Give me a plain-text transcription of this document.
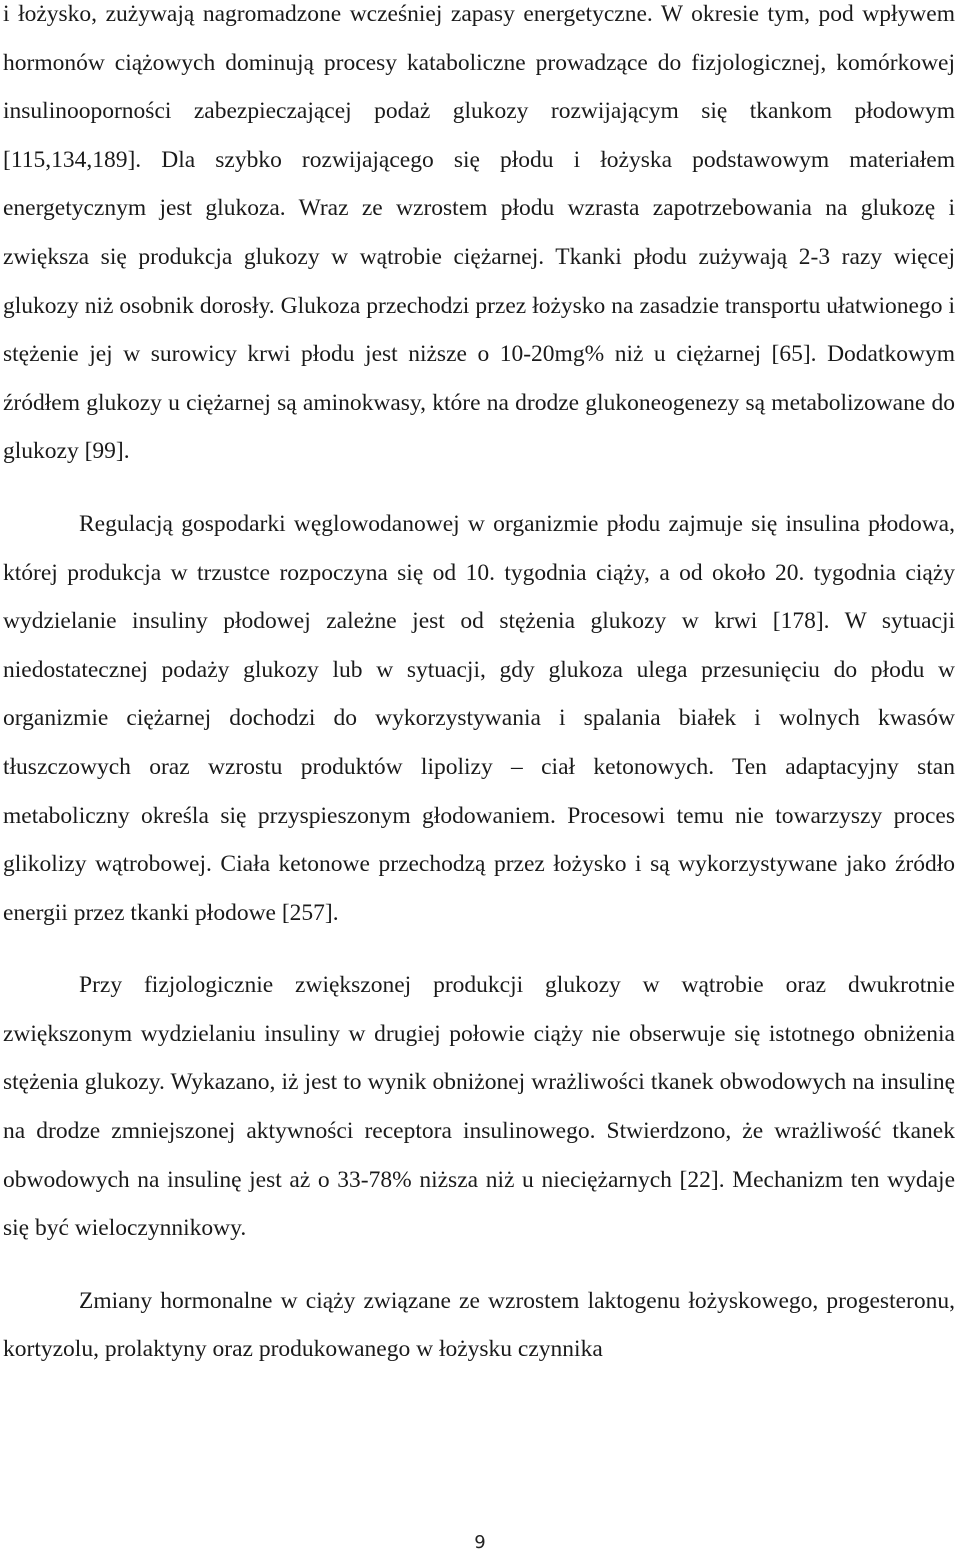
i łożysko, zużywają nagromadzone wcześniej zapasy energetyczne. W okresie tym, pod wpływem hormonów ciążowych dominują procesy kataboliczne prowadzące do fizjologicznej, komórkowej insulinooporności zabezpieczającej podaż glukozy rozwijającym się tkankom płodowym [115,134,189]. Dla szybko rozwijającego się płodu i łożyska podstawowym materiałem energetycznym jest glukoza. Wraz ze wzrostem płodu wzrasta zapotrzebowania na glukozę i zwiększa się produkcja glukozy w wątrobie ciężarnej. Tkanki płodu zużywają 2-3 razy więcej glukozy niż osobnik dorosły. Glukoza przechodzi przez łożysko na zasadzie transportu ułatwionego i stężenie jej w surowicy krwi płodu jest niższe o 10-20mg% niż u ciężarnej [65]. Dodatkowym źródłem glukozy u ciężarnej są aminokwasy, które na drodze glukoneogenezy są metabolizowane do glukozy [99].

Regulacją gospodarki węglowodanowej w organizmie płodu zajmuje się insulina płodowa, której produkcja w trzustce rozpoczyna się od 10. tygodnia ciąży, a od około 20. tygodnia ciąży wydzielanie insuliny płodowej zależne jest od stężenia glukozy w krwi [178]. W sytuacji niedostatecznej podaży glukozy lub w sytuacji, gdy glukoza ulega przesunięciu do płodu w organizmie ciężarnej dochodzi do wykorzystywania i spalania białek i wolnych kwasów tłuszczowych oraz wzrostu produktów lipolizy – ciał ketonowych. Ten adaptacyjny stan metaboliczny określa się przyspieszonym głodowaniem. Procesowi temu nie towarzyszy proces glikolizy wątrobowej. Ciała ketonowe przechodzą przez łożysko i są wykorzystywane jako źródło energii przez tkanki płodowe [257].

Przy fizjologicznie zwiększonej produkcji glukozy w wątrobie oraz dwukrotnie zwiększonym wydzielaniu insuliny w drugiej połowie ciąży nie obserwuje się istotnego obniżenia stężenia glukozy. Wykazano, iż jest to wynik obniżonej wrażliwości tkanek obwodowych na insulinę na drodze zmniejszonej aktywności receptora insulinowego. Stwierdzono, że wrażliwość tkanek obwodowych na insulinę jest aż o 33-78% niższa niż u nieciężarnych [22]. Mechanizm ten wydaje się być wieloczynnikowy.

Zmiany hormonalne w ciąży związane ze wzrostem laktogenu łożyskowego, progesteronu, kortyzolu, prolaktyny oraz produkowanego w łożysku czynnika

9
